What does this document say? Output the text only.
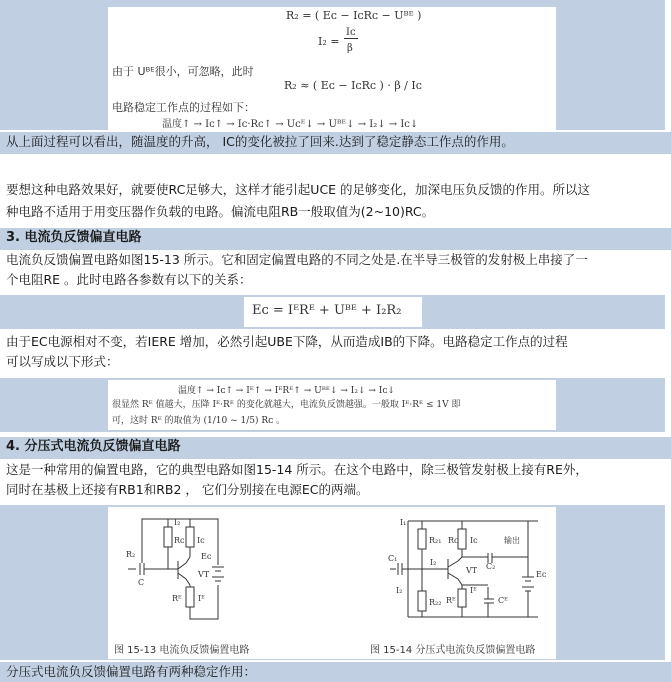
R₂ = ( Eᴄ − IᴄRᴄ − Uᴮᴱ )
I₂ =
Iᴄ
β
由于 Uᴮᴱ很小，可忽略，此时
R₂ ≈ ( Eᴄ − IᴄRᴄ ) · β / Iᴄ
电路稳定工作点的过程如下：
温度↑ → Iᴄ↑ → Iᴄ·Rᴄ↑ → Uᴄᴱ↓ → Uᴮᴱ↓ → I₂↓ → Iᴄ↓
从上面过程可以看出，随温度的升高， IC的变化被拉了回来.达到了稳定静态工作点的作用。
要想这种电路效果好，就要使RC足够大，这样才能引起UCE 的足够变化，加深电压负反馈的作用。所以这
种电路不适用于用变压器作负载的电路。偏流电阻RB一般取值为(2~10)RC。
3. 电流负反馈偏直电路
电流负反馈偏置电路如图15-13 所示。它和固定偏置电路的不同之处是.在半导三极管的发射极上串接了一
个电阻RE 。此时电路各参数有以下的关系：
Eᴄ = IᴱRᴱ + Uᴮᴱ + I₂R₂
由于EC电源相对不变，若IERE 增加，必然引起UBE下降，从而造成IB的下降。电路稳定工作点的过程
可以写成以下形式：
温度↑ → Iᴄ↑ → Iᴱ↑ → IᴱRᴱ↑ → Uᴮᴱ↓ → I₂↓ → Iᴄ↓
很显然 Rᴱ 值越大，压降 Iᴱ·Rᴱ 的变化就越大，电流负反馈越强。一般取 Iᴱ·Rᴱ ≤ 1V 即
可，这时 Rᴱ 的取值为 (1/10 ~ 1/5) Rᴄ 。
4. 分压式电流负反馈偏直电路
这是一种常用的偏置电路，它的典型电路如图15-14 所示。在这个电路中，除三极管发射极上接有RE外，
同时在基极上还接有RB1和RB2 ， 它们分别接在电源EC的两端。
R₂
I₂
Rᴄ Iᴄ
Eᴄ
C
VT
Rᴱ Iᴱ
I₁
R₂₁ Rᴄ Iᴄ	输出
C₁	I₂
VT C₂
Eᴄ
I₂
R₂₂ Rᴱ
Iᴱ
Cᴱ
图 15-13 电流负反馈偏置电路	图 15-14 分压式电流负反馈偏置电路
分压式电流负反馈偏置电路有两种稳定作用：
